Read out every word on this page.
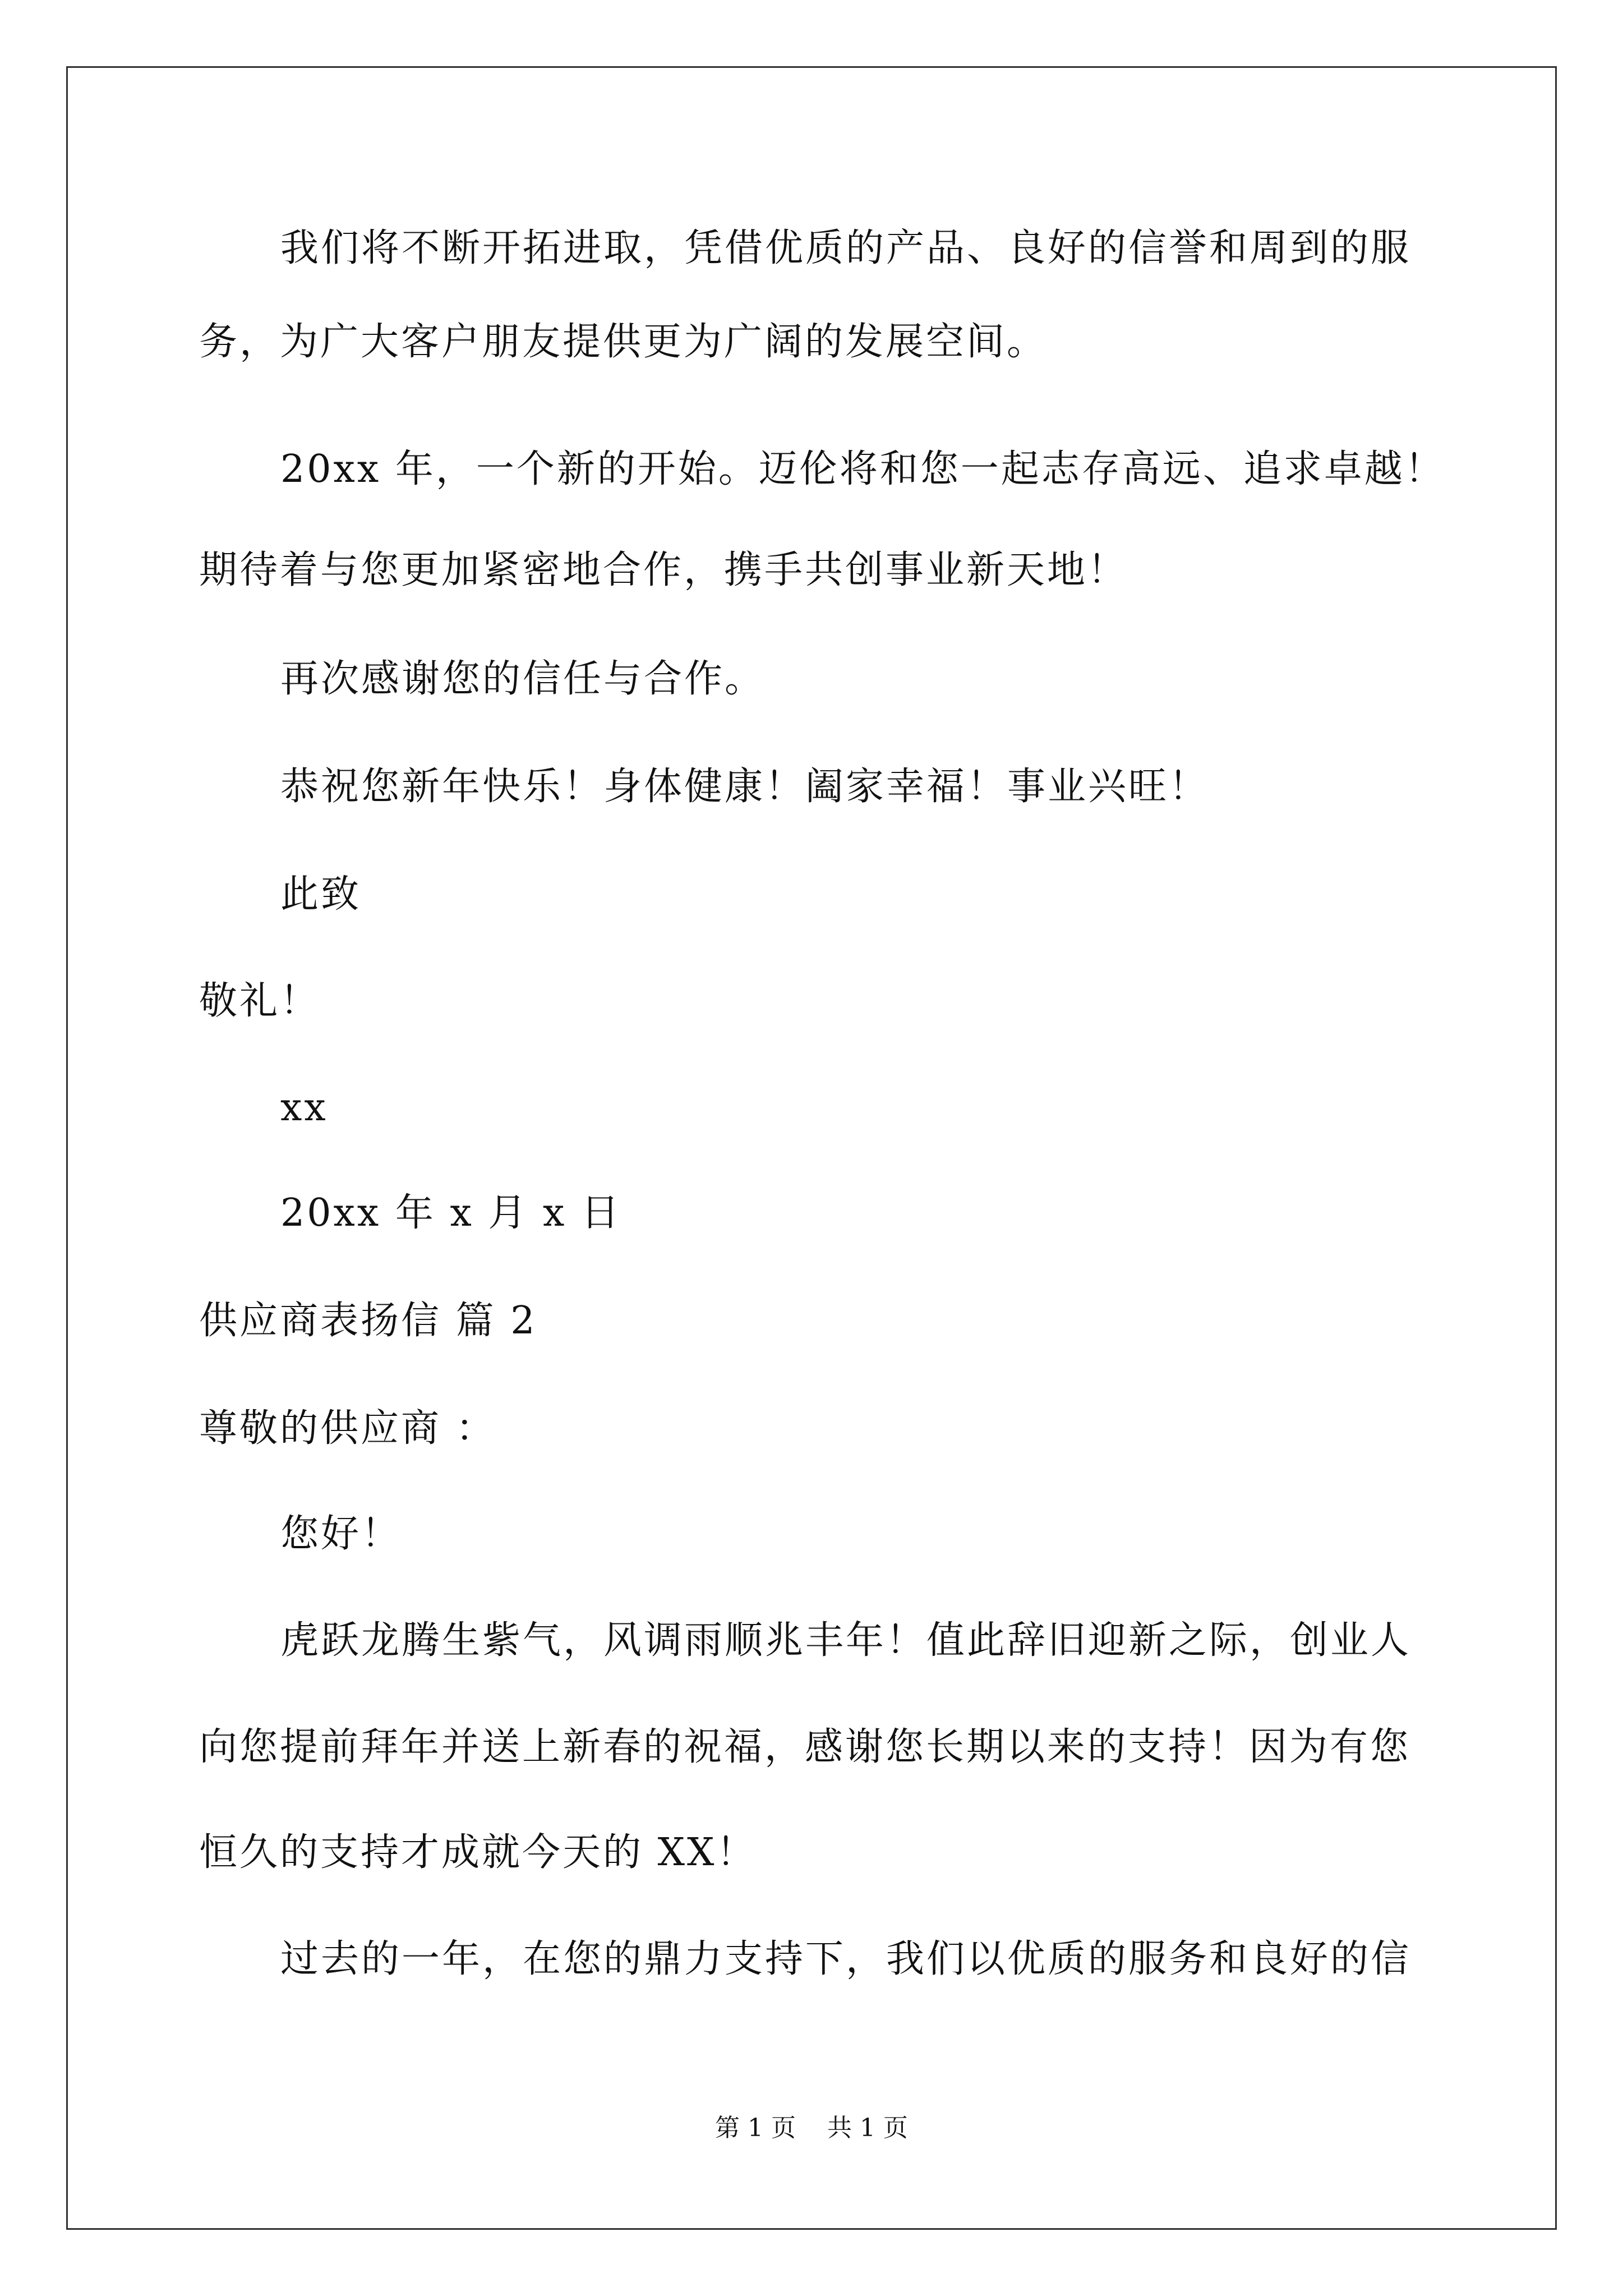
我们将不断开拓进取，凭借优质的产品、良好的信誉和周到的服
务，为广大客户朋友提供更为广阔的发展空间。
20xx 年，一个新的开始。迈伦将和您一起志存高远、追求卓越！
期待着与您更加紧密地合作，携手共创事业新天地！
再次感谢您的信任与合作。
恭祝您新年快乐！身体健康！阖家幸福！事业兴旺！
此致
敬礼！
xx
20xx 年 x 月 x 日
供应商表扬信 篇 2
尊敬的供应商 ：
您好！
虎跃龙腾生紫气，风调雨顺兆丰年！值此辞旧迎新之际，创业人
向您提前拜年并送上新春的祝福，感谢您长期以来的支持！因为有您
恒久的支持才成就今天的 XX！
过去的一年，在您的鼎力支持下，我们以优质的服务和良好的信
第 1 页    共 1 页
